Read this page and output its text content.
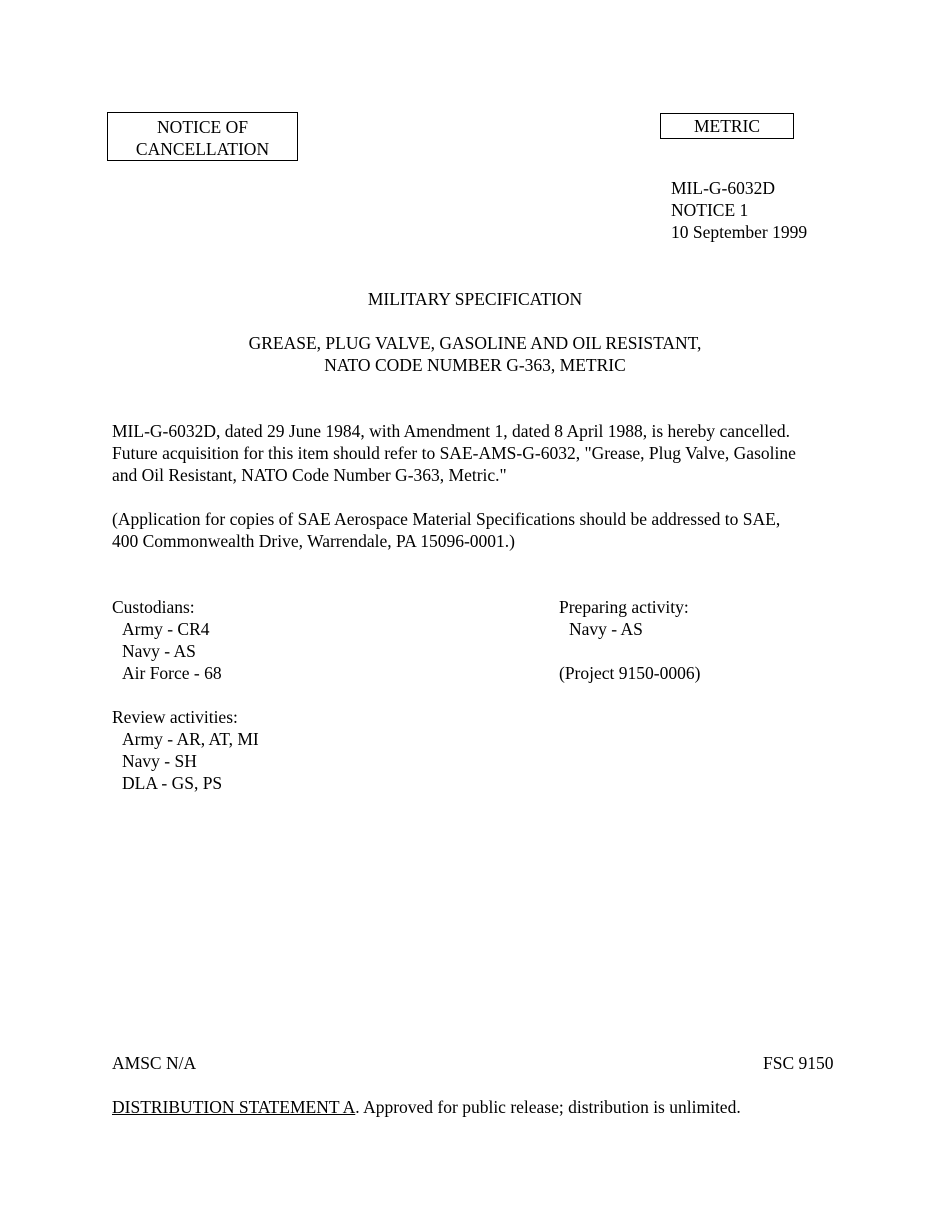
NOTICE OF
CANCELLATION
METRIC
MIL-G-6032D
NOTICE 1
10 September 1999
MILITARY SPECIFICATION
GREASE, PLUG VALVE, GASOLINE AND OIL RESISTANT,
NATO CODE NUMBER G-363, METRIC
MIL-G-6032D, dated 29 June 1984, with Amendment 1, dated 8 April 1988, is hereby cancelled.
Future acquisition for this item should refer to SAE-AMS-G-6032, "Grease, Plug Valve, Gasoline
and Oil Resistant, NATO Code Number G-363, Metric."
(Application for copies of SAE Aerospace Material Specifications should be addressed to SAE,
400 Commonwealth Drive, Warrendale, PA 15096-0001.)
Custodians:
Army - CR4
Navy - AS
Air Force - 68
Preparing activity:
Navy - AS
(Project 9150-0006)
Review activities:
Army - AR, AT, MI
Navy - SH
DLA - GS, PS
AMSC N/A	FSC 9150
DISTRIBUTION STATEMENT A. Approved for public release; distribution is unlimited.
